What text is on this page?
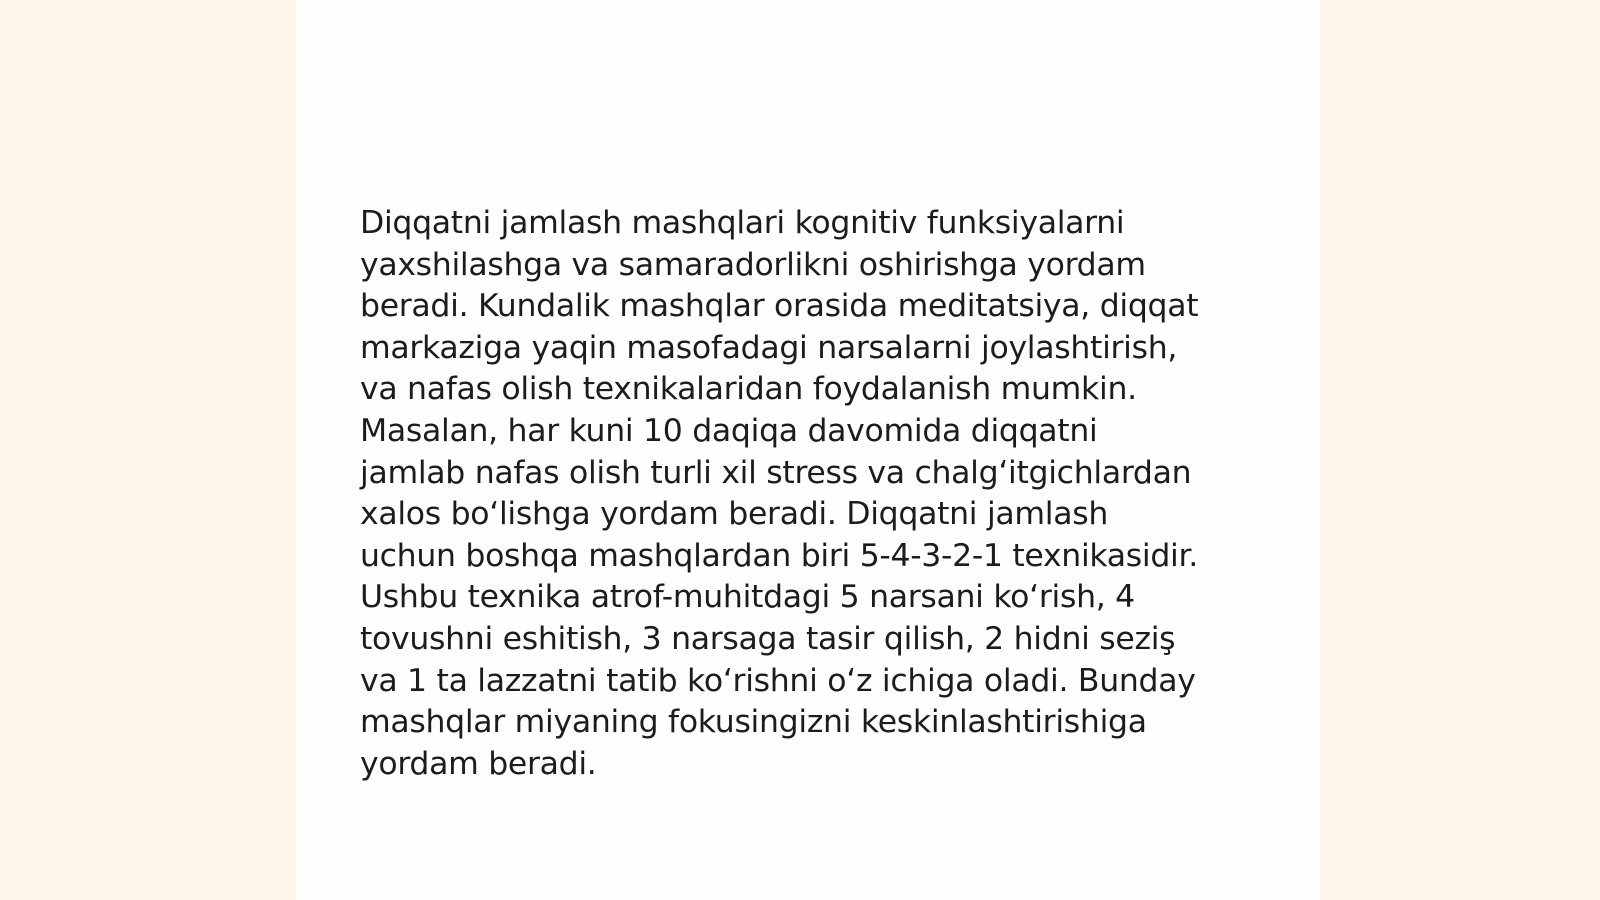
Diqqatni jamlash mashqlari kognitiv funksiyalarni
yaxshilashga va samaradorlikni oshirishga yordam
beradi. Kundalik mashqlar orasida meditatsiya, diqqat
markaziga yaqin masofadagi narsalarni joylashtirish,
va nafas olish texnikalaridan foydalanish mumkin.
Masalan, har kuni 10 daqiqa davomida diqqatni
jamlab nafas olish turli xil stress va chalgʻitgichlardan
xalos boʻlishga yordam beradi. Diqqatni jamlash
uchun boshqa mashqlardan biri 5-4-3-2-1 texnikasidir.
Ushbu texnika atrof-muhitdagi 5 narsani koʻrish, 4
tovushni eshitish, 3 narsaga tasir qilish, 2 hidni seziş
va 1 ta lazzatni tatib koʻrishni oʻz ichiga oladi. Bunday
mashqlar miyaning fokusingizni keskinlashtirishiga
yordam beradi.
